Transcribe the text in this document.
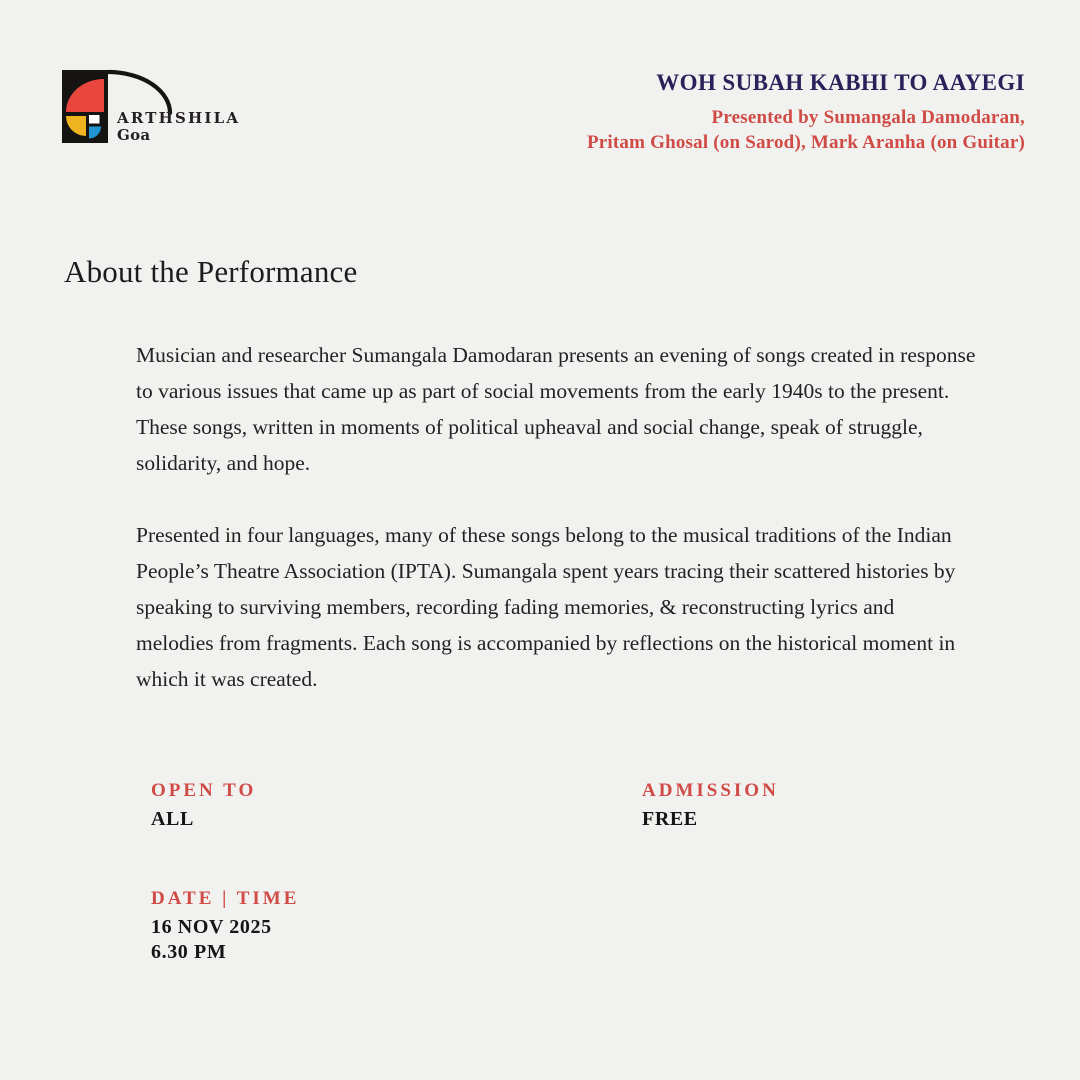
ARTHSHILA
Goa
WOH SUBAH KABHI TO AAYEGI
Presented by Sumangala Damodaran,
Pritam Ghosal (on Sarod), Mark Aranha (on Guitar)
About the Performance

Musician and researcher Sumangala Damodaran presents an evening of songs created in response to various issues that came up as part of social movements from the early 1940s to the present. These songs, written in moments of political upheaval and social change, speak of struggle, solidarity, and hope.

Presented in four languages, many of these songs belong to the musical traditions of the Indian People’s Theatre Association (IPTA). Sumangala spent years tracing their scattered histories by speaking to surviving members, recording fading memories, & reconstructing lyrics and melodies from fragments. Each song is accompanied by reflections on the historical moment in which it was created.

OPEN TO
ALL
ADMISSION
FREE
DATE | TIME
16 NOV 2025
6.30 PM
